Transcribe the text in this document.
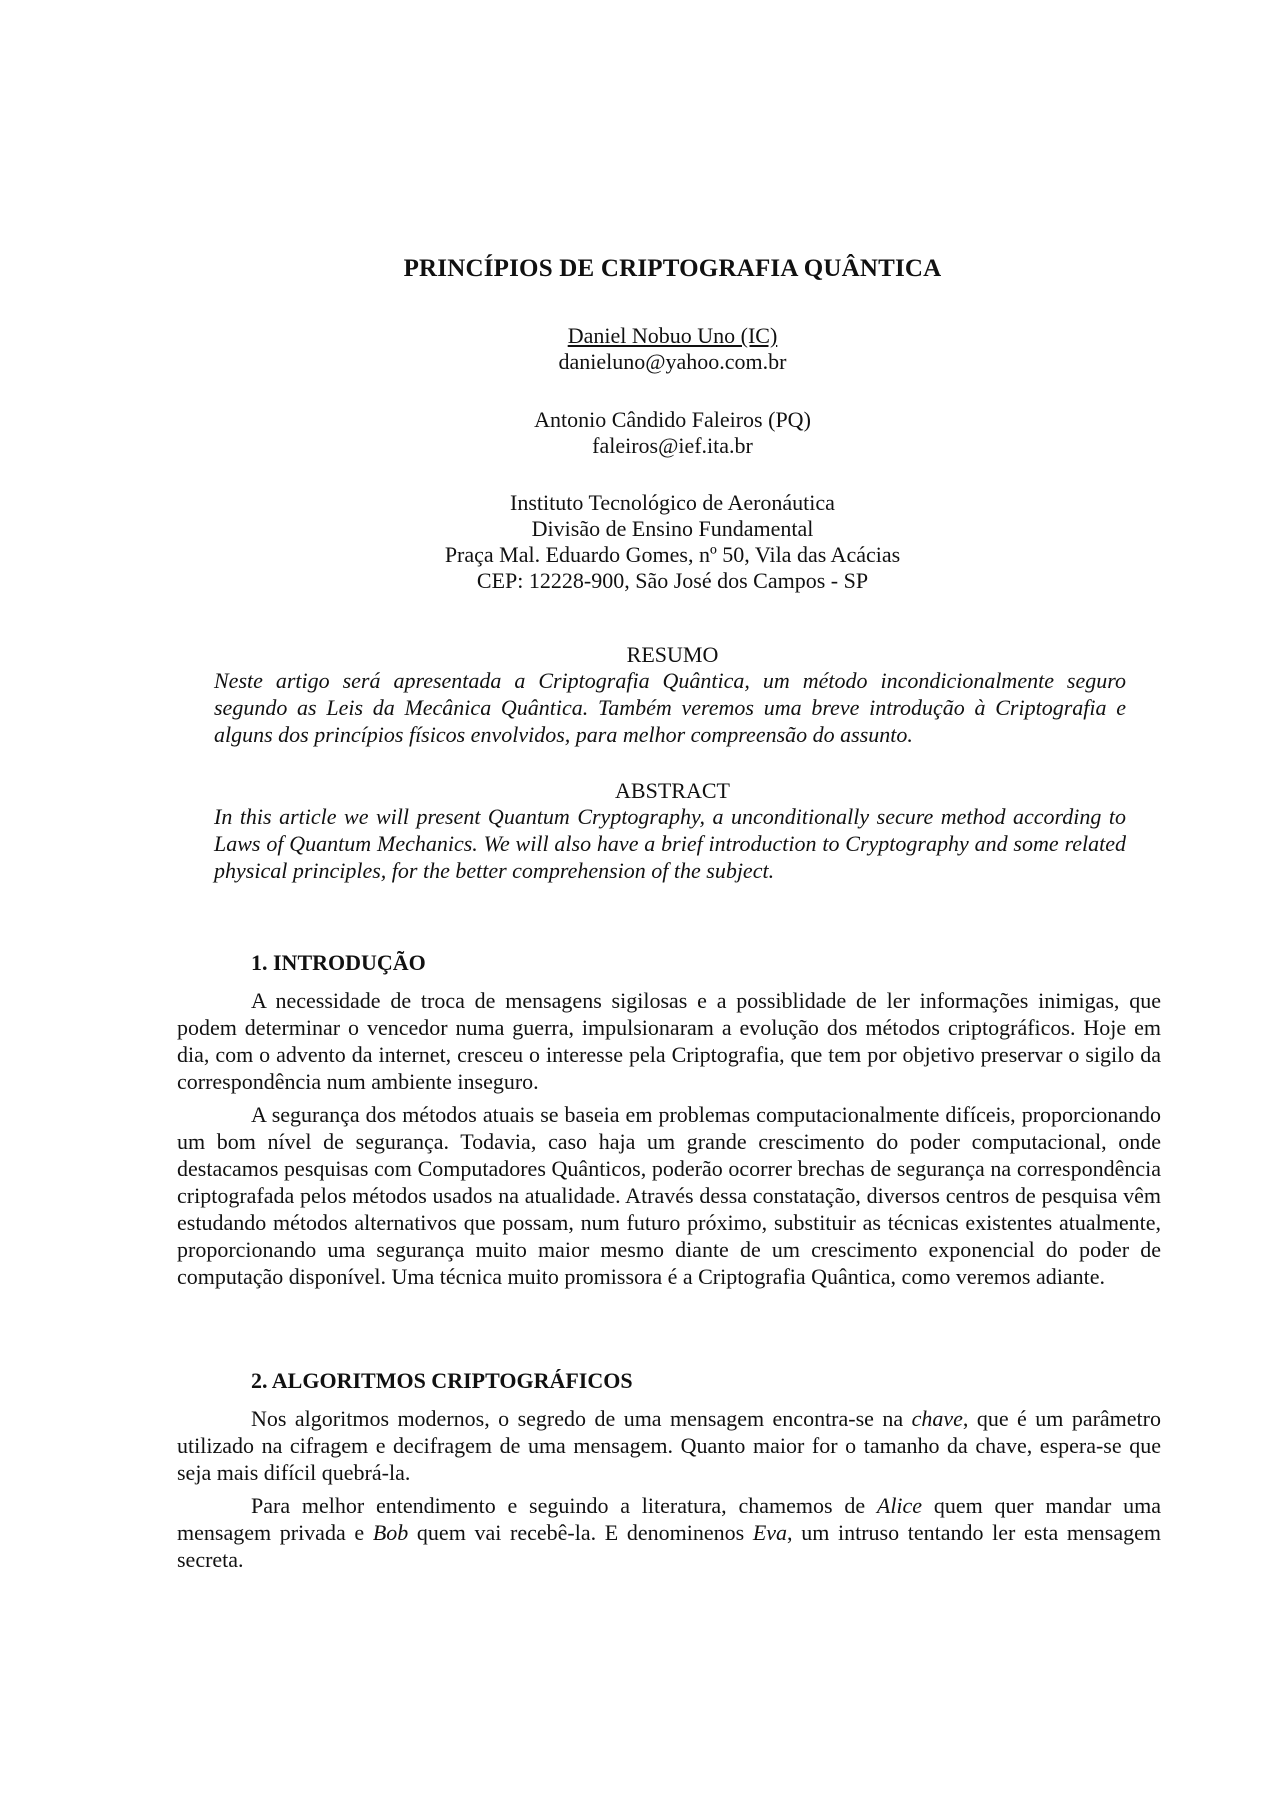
PRINCÍPIOS DE CRIPTOGRAFIA QUÂNTICA
Daniel Nobuo Uno (IC)
danieluno@yahoo.com.br
Antonio Cândido Faleiros (PQ)
faleiros@ief.ita.br
Instituto Tecnológico de Aeronáutica
Divisão de Ensino Fundamental
Praça Mal. Eduardo Gomes, nº 50, Vila das Acácias
CEP: 12228-900, São José dos Campos - SP
RESUMO
Neste artigo será apresentada a Criptografia Quântica, um método incondicionalmente seguro segundo as Leis da Mecânica Quântica. Também veremos uma breve introdução à Criptografia e alguns dos princípios físicos envolvidos, para melhor compreensão do assunto.
ABSTRACT
In this article we will present Quantum Cryptography, a unconditionally secure method according to Laws of Quantum Mechanics. We will also have a brief introduction to Cryptography and some related physical principles, for the better comprehension of the subject.
1. INTRODUÇÃO

A necessidade de troca de mensagens sigilosas e a possiblidade de ler informações inimigas, que podem determinar o vencedor numa guerra, impulsionaram a evolução dos métodos criptográficos. Hoje em dia, com o advento da internet, cresceu o interesse pela Criptografia, que tem por objetivo preservar o sigilo da correspondência num ambiente inseguro.

A segurança dos métodos atuais se baseia em problemas computacionalmente difíceis, proporcionando um bom nível de segurança. Todavia, caso haja um grande crescimento do poder computacional, onde destacamos pesquisas com Computadores Quânticos, poderão ocorrer brechas de segurança na correspondência criptografada pelos métodos usados na atualidade. Através dessa constatação, diversos centros de pesquisa vêm estudando métodos alternativos que possam, num futuro próximo, substituir as técnicas existentes atualmente, proporcionando uma segurança muito maior mesmo diante de um crescimento exponencial do poder de computação disponível. Uma técnica muito promissora é a Criptografia Quântica, como veremos adiante.

2. ALGORITMOS CRIPTOGRÁFICOS

Nos algoritmos modernos, o segredo de uma mensagem encontra-se na chave, que é um parâmetro utilizado na cifragem e decifragem de uma mensagem. Quanto maior for o tamanho da chave, espera-se que seja mais difícil quebrá-la.

Para melhor entendimento e seguindo a literatura, chamemos de Alice quem quer mandar uma mensagem privada e Bob quem vai recebê-la. E denominenos Eva, um intruso tentando ler esta mensagem secreta.
